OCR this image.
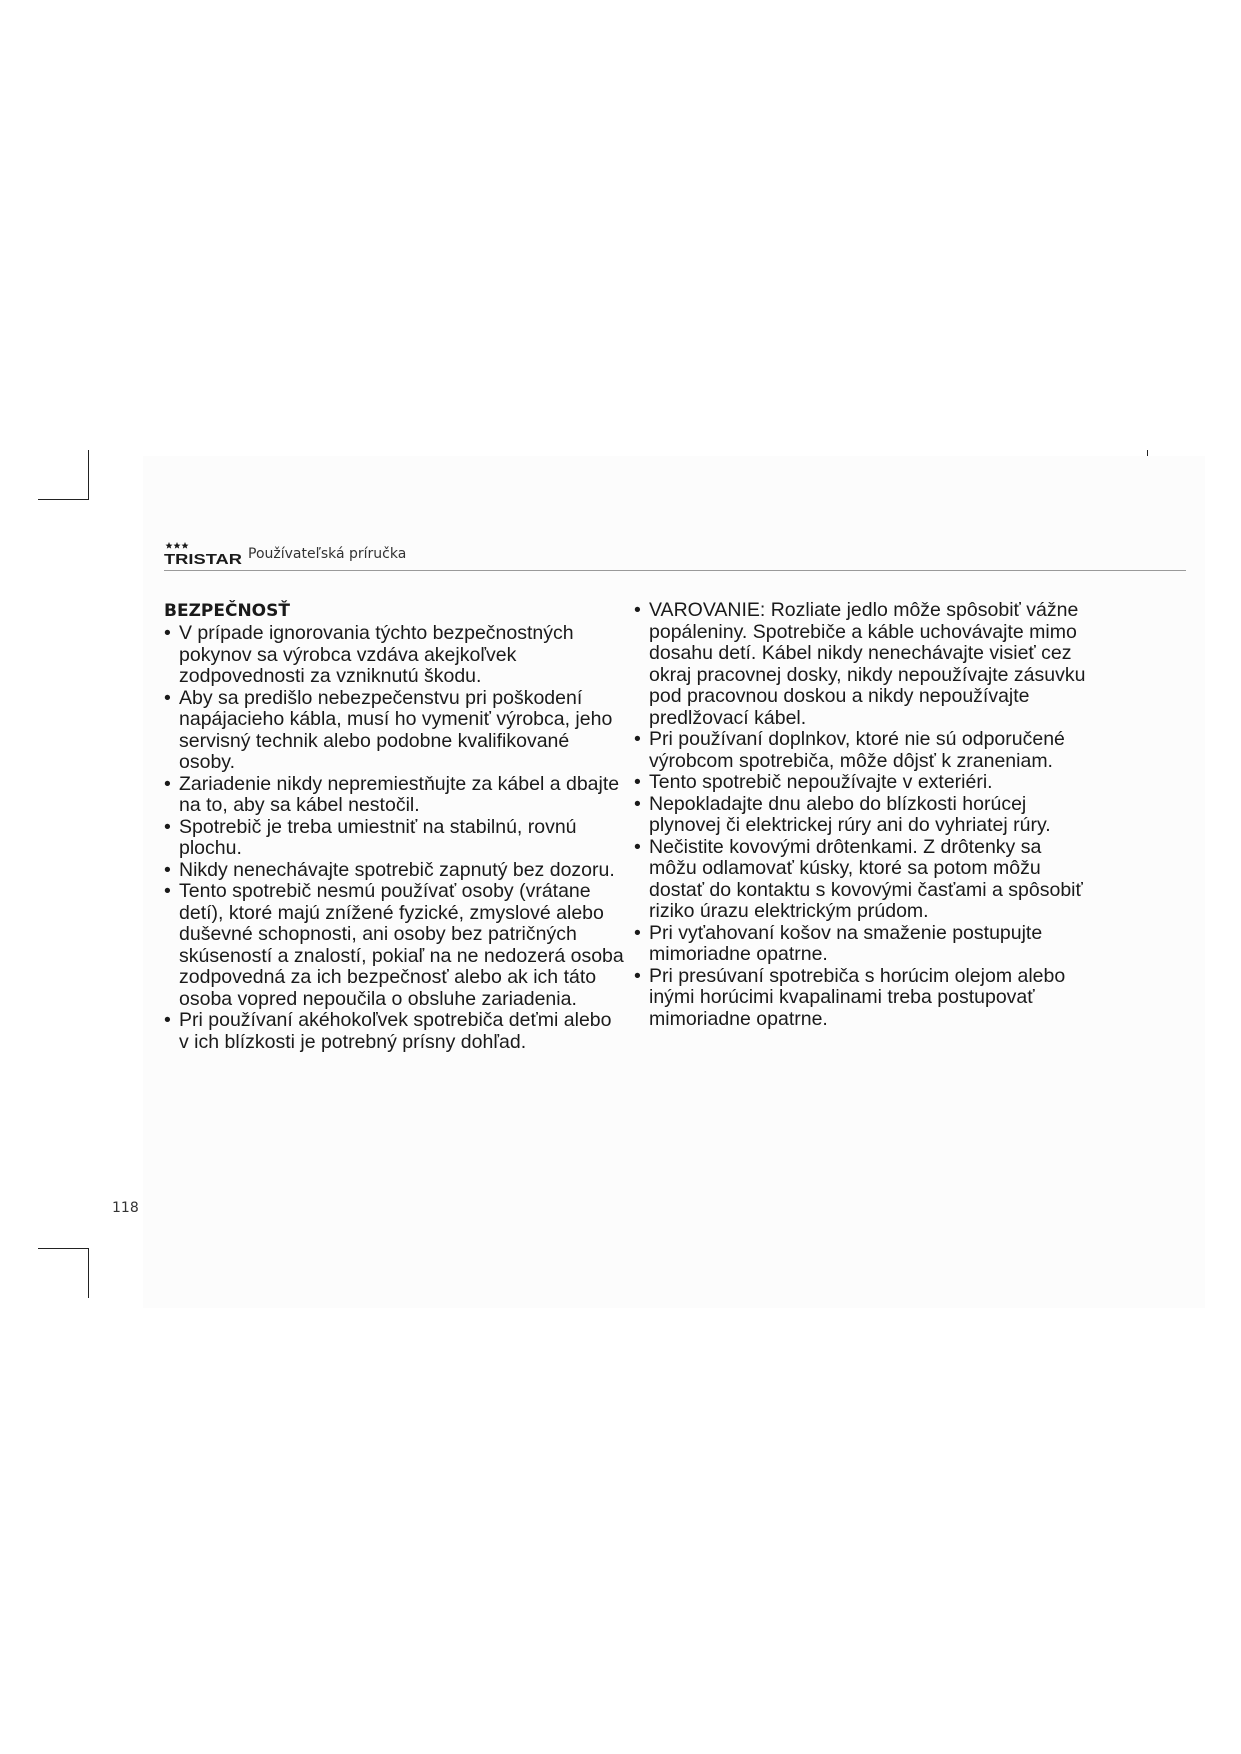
TRISTAR Používateľská príručka
BEZPEČNOSŤ
• V prípade ignorovania týchto bezpečnostných pokynov sa výrobca vzdáva akejkoľvek zodpovednosti za vzniknutú škodu.
• Aby sa predišlo nebezpečenstvu pri poškodení napájacieho kábla, musí ho vymeniť výrobca, jeho servisný technik alebo podobne kvalifikované osoby.
• Zariadenie nikdy nepremiestňujte za kábel a dbajte na to, aby sa kábel nestočil.
• Spotrebič je treba umiestniť na stabilnú, rovnú plochu.
• Nikdy nenechávajte spotrebič zapnutý bez dozoru.
• Tento spotrebič nesmú používať osoby (vrátane detí), ktoré majú znížené fyzické, zmyslové alebo duševné schopnosti, ani osoby bez patričných skúseností a znalostí, pokiaľ na ne nedozerá osoba zodpovedná za ich bezpečnosť alebo ak ich táto osoba vopred nepoučila o obsluhe zariadenia.
• Pri používaní akéhokoľvek spotrebiča deťmi alebo v ich blízkosti je potrebný prísny dohľad.
• VAROVANIE: Rozliate jedlo môže spôsobiť vážne popáleniny. Spotrebiče a káble uchovávajte mimo dosahu detí. Kábel nikdy nenechávajte visieť cez okraj pracovnej dosky, nikdy nepoužívajte zásuvku pod pracovnou doskou a nikdy nepoužívajte predlžovací kábel.
• Pri používaní doplnkov, ktoré nie sú odporučené výrobcom spotrebiča, môže dôjsť k zraneniam.
• Tento spotrebič nepoužívajte v exteriéri.
• Nepokladajte dnu alebo do blízkosti horúcej plynovej či elektrickej rúry ani do vyhriatej rúry.
• Nečistite kovovými drôtenkami. Z drôtenky sa môžu odlamovať kúsky, ktoré sa potom môžu dostať do kontaktu s kovovými časťami a spôsobiť riziko úrazu elektrickým prúdom.
• Pri vyťahovaní košov na smaženie postupujte mimoriadne opatrne.
• Pri presúvaní spotrebiča s horúcim olejom alebo inými horúcimi kvapalinami treba postupovať mimoriadne opatrne.
118
